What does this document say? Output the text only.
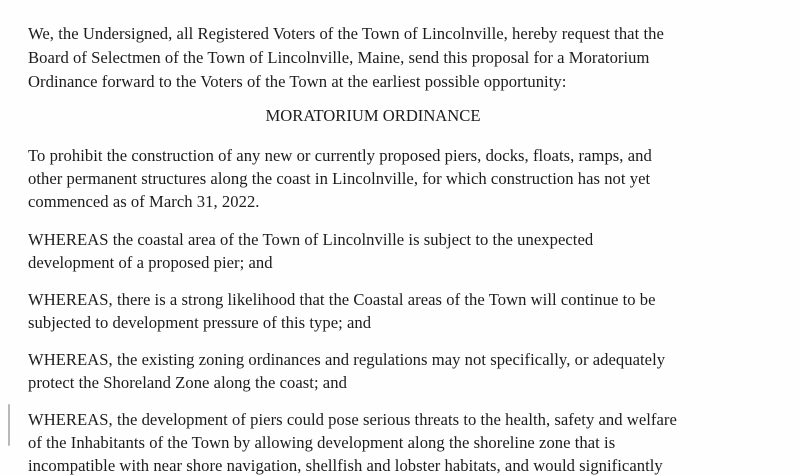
We, the Undersigned, all Registered Voters of the Town of Lincolnville, hereby request that the
Board of Selectmen of the Town of Lincolnville, Maine, send this proposal for a Moratorium
Ordinance forward to the Voters of the Town at the earliest possible opportunity:
MORATORIUM ORDINANCE
To prohibit the construction of any new or currently proposed piers, docks, floats, ramps, and
other permanent structures along the coast in Lincolnville, for which construction has not yet
commenced as of March 31, 2022.
WHEREAS the coastal area of the Town of Lincolnville is subject to the unexpected
development of a proposed pier; and
WHEREAS, there is a strong likelihood that the Coastal areas of the Town will continue to be
subjected to development pressure of this type; and
WHEREAS, the existing zoning ordinances and regulations may not specifically, or adequately
protect the Shoreland Zone along the coast; and
WHEREAS, the development of piers could pose serious threats to the health, safety and welfare
of the Inhabitants of the Town by allowing development along the shoreline zone that is
incompatible with near shore navigation, shellfish and lobster habitats, and would significantly
